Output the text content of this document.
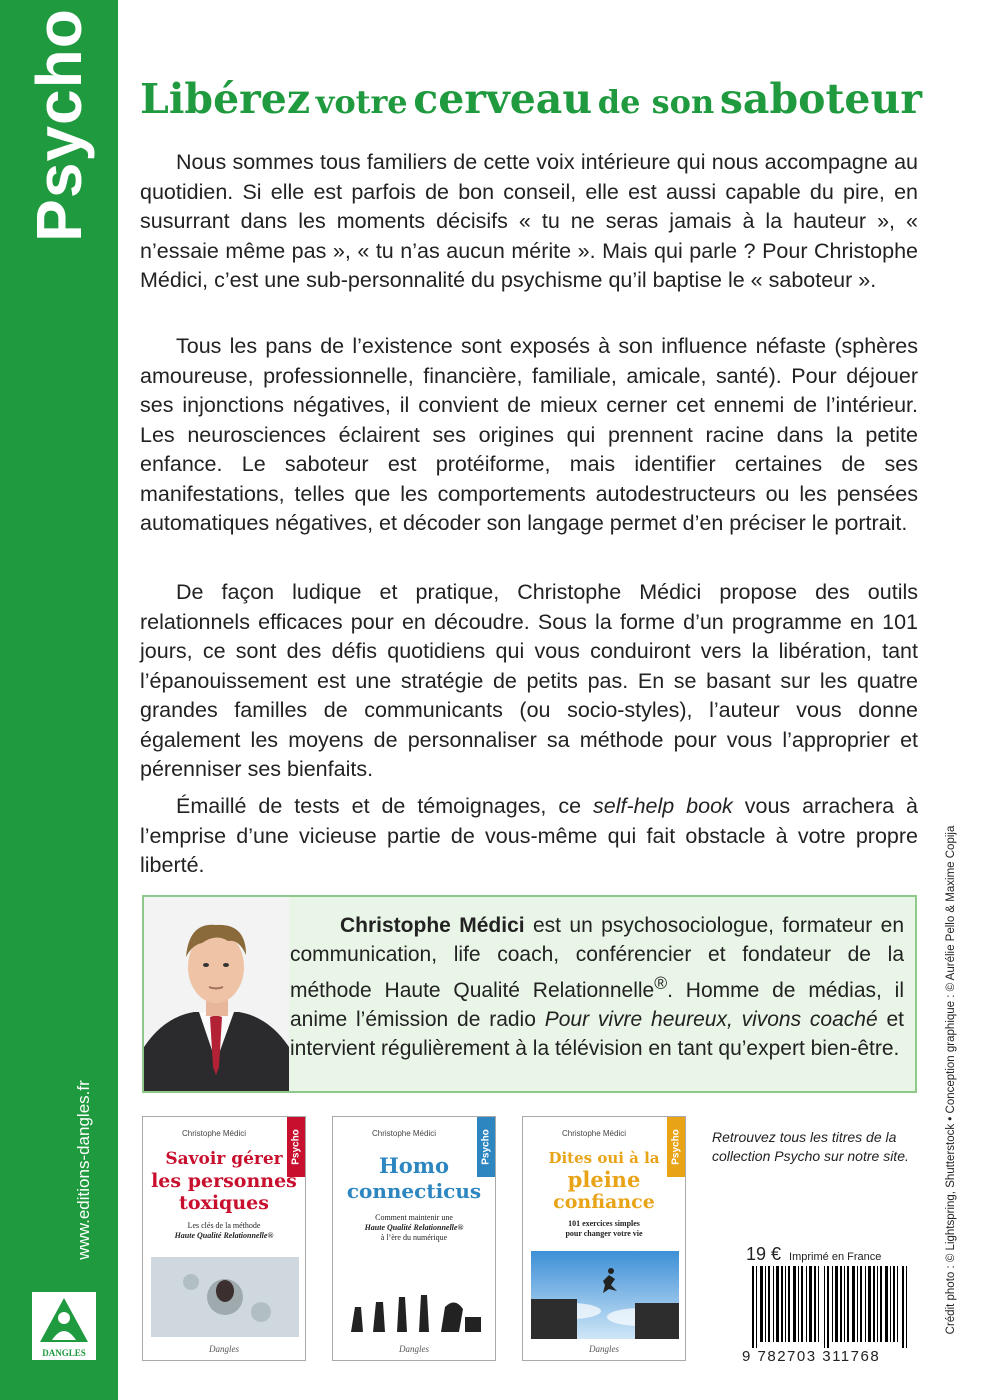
Psycho
www.editions-dangles.fr
DANGLES
Libérez votre cerveau de son saboteur

Nous sommes tous familiers de cette voix intérieure qui nous accompagne au quotidien. Si elle est parfois de bon conseil, elle est aussi capable du pire, en susurrant dans les moments décisifs « tu ne seras jamais à la hauteur », « n’essaie même pas », « tu n’as aucun mérite ». Mais qui parle ? Pour Christophe Médici, c’est une sub-personnalité du psychisme qu’il baptise le « saboteur ».

Tous les pans de l’existence sont exposés à son influence néfaste (sphères amoureuse, professionnelle, financière, familiale, amicale, santé). Pour déjouer ses injonctions négatives, il convient de mieux cerner cet ennemi de l’intérieur. Les neurosciences éclairent ses origines qui prennent racine dans la petite enfance. Le saboteur est protéiforme, mais identifier certaines de ses manifestations, telles que les comportements autodestructeurs ou les pensées automatiques négatives, et décoder son langage permet d’en préciser le portrait.

De façon ludique et pratique, Christophe Médici propose des outils relationnels efficaces pour en découdre. Sous la forme d’un programme en 101 jours, ce sont des défis quotidiens qui vous conduiront vers la libération, tant l’épanouissement est une stratégie de petits pas. En se basant sur les quatre grandes familles de communicants (ou socio-styles), l’auteur vous donne également les moyens de personnaliser sa méthode pour vous l’approprier et pérenniser ses bienfaits.

Émaillé de tests et de témoignages, ce self-help book vous arrachera à l’emprise d’une vicieuse partie de vous-même qui fait obstacle à votre propre liberté.

Christophe Médici est un psychosociologue, formateur en communication, life coach, conférencier et fondateur de la méthode Haute Qualité Relationnelle®. Homme de médias, il anime l’émission de radio Pour vivre heureux, vivons coaché et intervient régulièrement à la télévision en tant qu’expert bien-être.
Psycho
Christophe Médici
Savoir gérer
les personnes
toxiques
Les clés de la méthode
Haute Qualité Relationnelle®
Dangles
Psycho
Christophe Médici
Homo
connecticus
Comment maintenir une
Haute Qualité Relationnelle®
à l’ère du numérique
Dangles
Psycho
Christophe Médici
Dites oui à la
pleine
confiance
101 exercices simples
pour changer votre vie
Dangles
Retrouvez tous les titres de la collection Psycho sur notre site.
19 € Imprimé en France
9 782703 311768
Crédit photo : © Lightspring, Shutterstock • Conception graphique : © Aurélie Pello & Maxime Copija
